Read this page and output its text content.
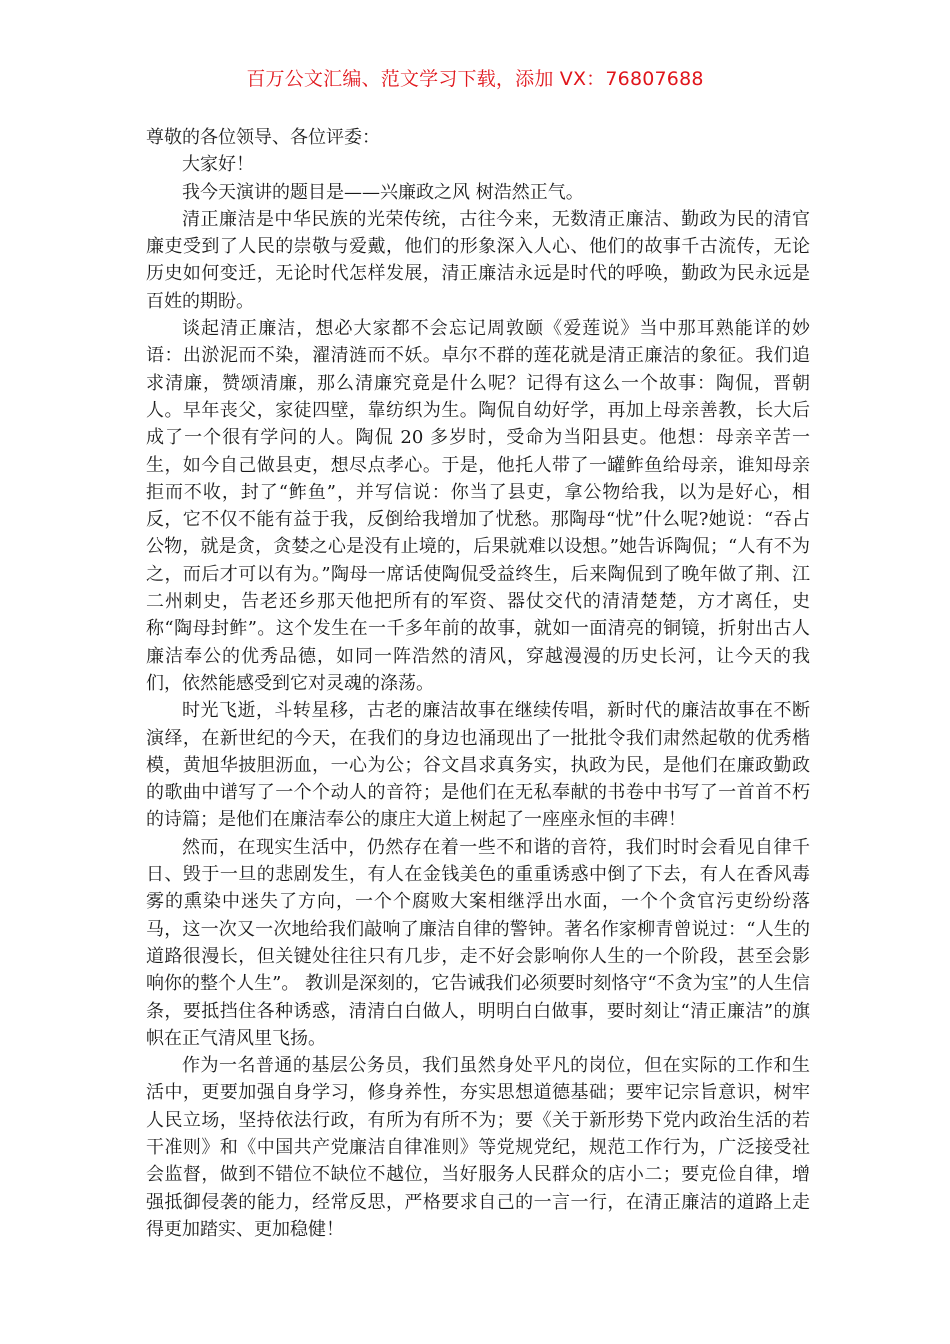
百万公文汇编、范文学习下载，添加 VX：76807688

尊敬的各位领导、各位评委：

大家好！

我今天演讲的题目是——兴廉政之风 树浩然正气。

清正廉洁是中华民族的光荣传统，古往今来，无数清正廉洁、勤政为民的清官廉吏受到了人民的崇敬与爱戴，他们的形象深入人心、他们的故事千古流传，无论历史如何变迁，无论时代怎样发展，清正廉洁永远是时代的呼唤，勤政为民永远是百姓的期盼。

谈起清正廉洁，想必大家都不会忘记周敦颐《爱莲说》当中那耳熟能详的妙语：出淤泥而不染，濯清涟而不妖。卓尔不群的莲花就是清正廉洁的象征。我们追求清廉，赞颂清廉，那么清廉究竟是什么呢？记得有这么一个故事：陶侃，晋朝人。早年丧父，家徒四壁，靠纺织为生。陶侃自幼好学，再加上母亲善教，长大后成了一个很有学问的人。陶侃 20 多岁时，受命为当阳县吏。他想：母亲辛苦一生，如今自己做县吏，想尽点孝心。于是，他托人带了一罐鲊鱼给母亲，谁知母亲拒而不收，封了“鲊鱼”，并写信说：你当了县吏，拿公物给我，以为是好心，相反，它不仅不能有益于我，反倒给我增加了忧愁。那陶母“忧”什么呢?她说：“吞占公物，就是贪，贪婪之心是没有止境的，后果就难以设想。”她告诉陶侃；“人有不为之，而后才可以有为。”陶母一席话使陶侃受益终生，后来陶侃到了晚年做了荆、江二州刺史，告老还乡那天他把所有的军资、器仗交代的清清楚楚，方才离任，史称“陶母封鲊”。这个发生在一千多年前的故事，就如一面清亮的铜镜，折射出古人廉洁奉公的优秀品德，如同一阵浩然的清风，穿越漫漫的历史长河，让今天的我们，依然能感受到它对灵魂的涤荡。

时光飞逝，斗转星移，古老的廉洁故事在继续传唱，新时代的廉洁故事在不断演绎，在新世纪的今天，在我们的身边也涌现出了一批批令我们肃然起敬的优秀楷模，黄旭华披胆沥血，一心为公；谷文昌求真务实，执政为民，是他们在廉政勤政的歌曲中谱写了一个个动人的音符；是他们在无私奉献的书卷中书写了一首首不朽的诗篇；是他们在廉洁奉公的康庄大道上树起了一座座永恒的丰碑！

然而，在现实生活中，仍然存在着一些不和谐的音符，我们时时会看见自律千日、毁于一旦的悲剧发生，有人在金钱美色的重重诱惑中倒了下去，有人在香风毒雾的熏染中迷失了方向，一个个腐败大案相继浮出水面，一个个贪官污吏纷纷落马，这一次又一次地给我们敲响了廉洁自律的警钟。著名作家柳青曾说过：“人生的道路很漫长，但关键处往往只有几步，走不好会影响你人生的一个阶段，甚至会影响你的整个人生”。 教训是深刻的，它告诫我们必须要时刻恪守“不贪为宝”的人生信条，要抵挡住各种诱惑，清清白白做人，明明白白做事，要时刻让“清正廉洁”的旗帜在正气清风里飞扬。

作为一名普通的基层公务员，我们虽然身处平凡的岗位，但在实际的工作和生活中，更要加强自身学习，修身养性，夯实思想道德基础；要牢记宗旨意识，树牢人民立场，坚持依法行政，有所为有所不为；要《关于新形势下党内政治生活的若干准则》和《中国共产党廉洁自律准则》等党规党纪，规范工作行为，广泛接受社会监督，做到不错位不缺位不越位，当好服务人民群众的店小二；要克俭自律，增强抵御侵袭的能力，经常反思，严格要求自己的一言一行，在清正廉洁的道路上走得更加踏实、更加稳健！
